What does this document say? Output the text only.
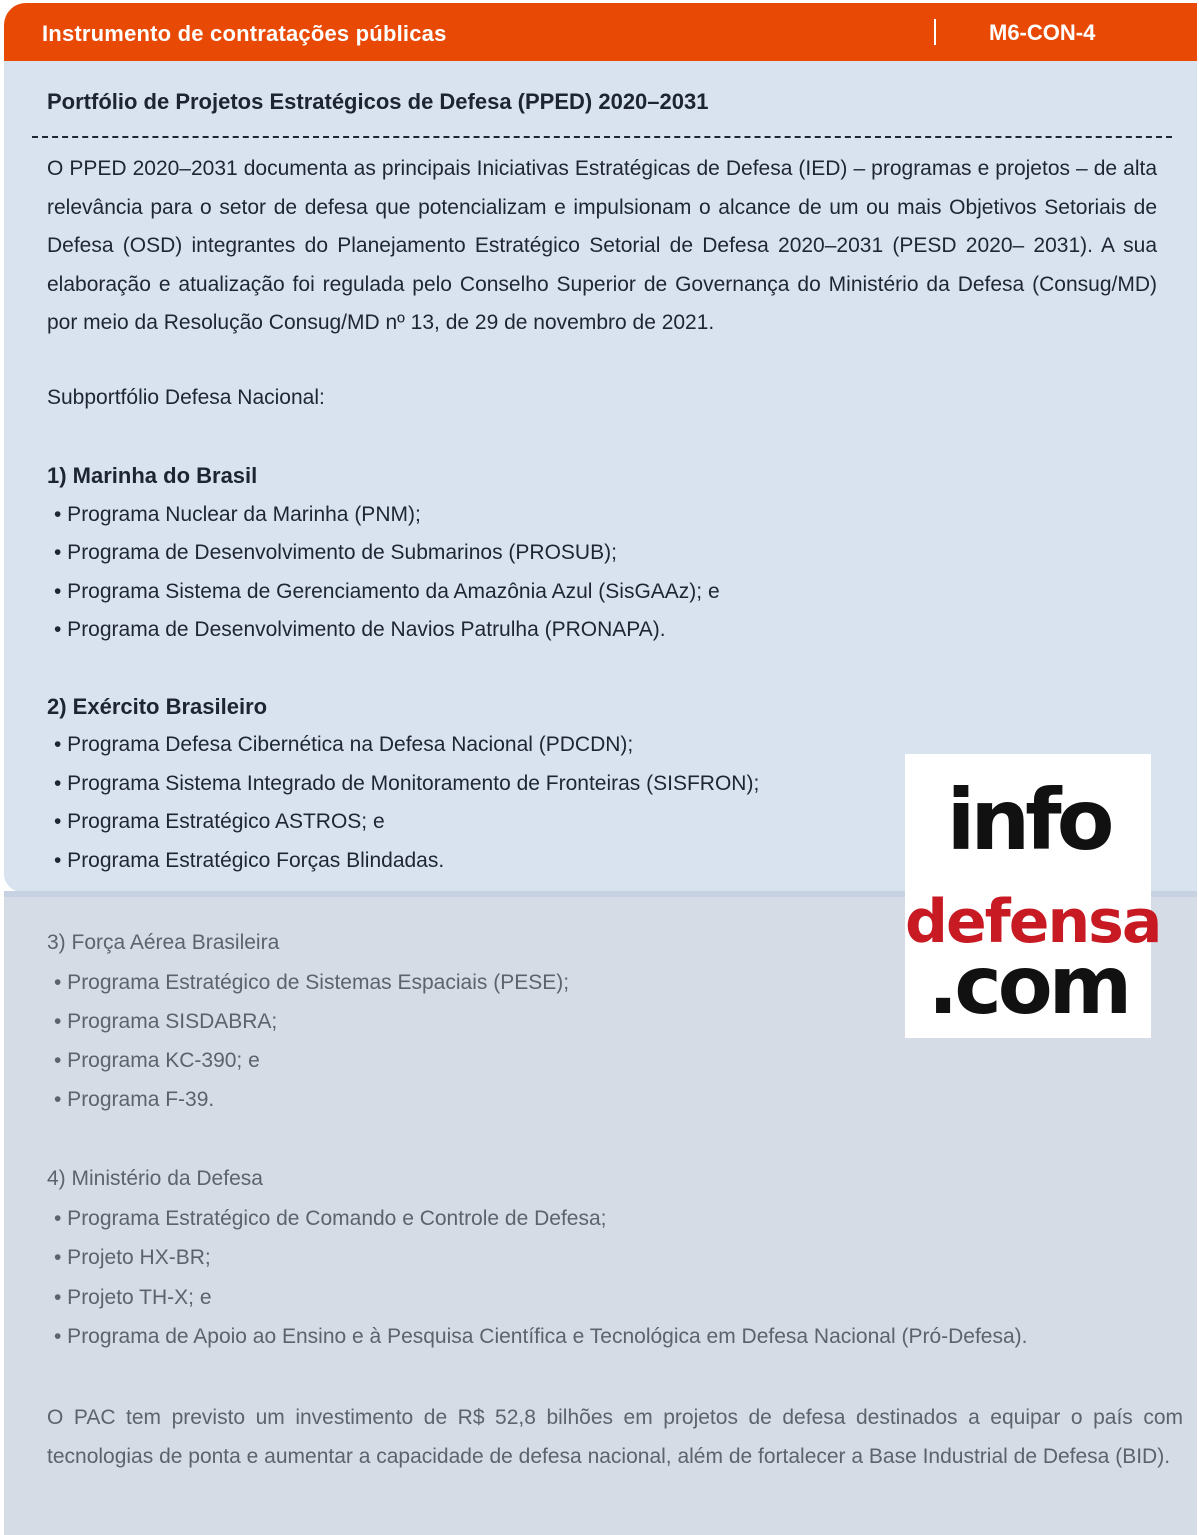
Instrumento de contratações públicas	M6-CON-4
Portfólio de Projetos Estratégicos de Defesa (PPED) 2020–2031

O PPED 2020–2031 documenta as principais Iniciativas Estratégicas de Defesa (IED) – programas e projetos – de alta relevância para o setor de defesa que potencializam e impulsionam o alcance de um ou mais Objetivos Setoriais de Defesa (OSD) integrantes do Planejamento Estratégico Setorial de Defesa 2020–2031 (PESD 2020– 2031). A sua elaboração e atualização foi regulada pelo Conselho Superior de Governança do Ministério da Defesa (Consug/MD) por meio da Resolução Consug/MD nº 13, de 29 de novembro de 2021.

Subportfólio Defesa Nacional:
1) Marinha do Brasil
• Programa Nuclear da Marinha (PNM);
• Programa de Desenvolvimento de Submarinos (PROSUB);
• Programa Sistema de Gerenciamento da Amazônia Azul (SisGAAz); e
• Programa de Desenvolvimento de Navios Patrulha (PRONAPA).
2) Exército Brasileiro
• Programa Defesa Cibernética na Defesa Nacional (PDCDN);
• Programa Sistema Integrado de Monitoramento de Fronteiras (SISFRON);
• Programa Estratégico ASTROS; e
• Programa Estratégico Forças Blindadas.
3) Força Aérea Brasileira
• Programa Estratégico de Sistemas Espaciais (PESE);
• Programa SISDABRA;
• Programa KC-390; e
• Programa F-39.
4) Ministério da Defesa
• Programa Estratégico de Comando e Controle de Defesa;
• Projeto HX-BR;
• Projeto TH-X; e
• Programa de Apoio ao Ensino e à Pesquisa Científica e Tecnológica em Defesa Nacional (Pró-Defesa).

O PAC tem previsto um investimento de R$ 52,8 bilhões em projetos de defesa destinados a equipar o país com tecnologias de ponta e aumentar a capacidade de defesa nacional, além de fortalecer a Base Industrial de Defesa (BID).

info
defensa
.com
